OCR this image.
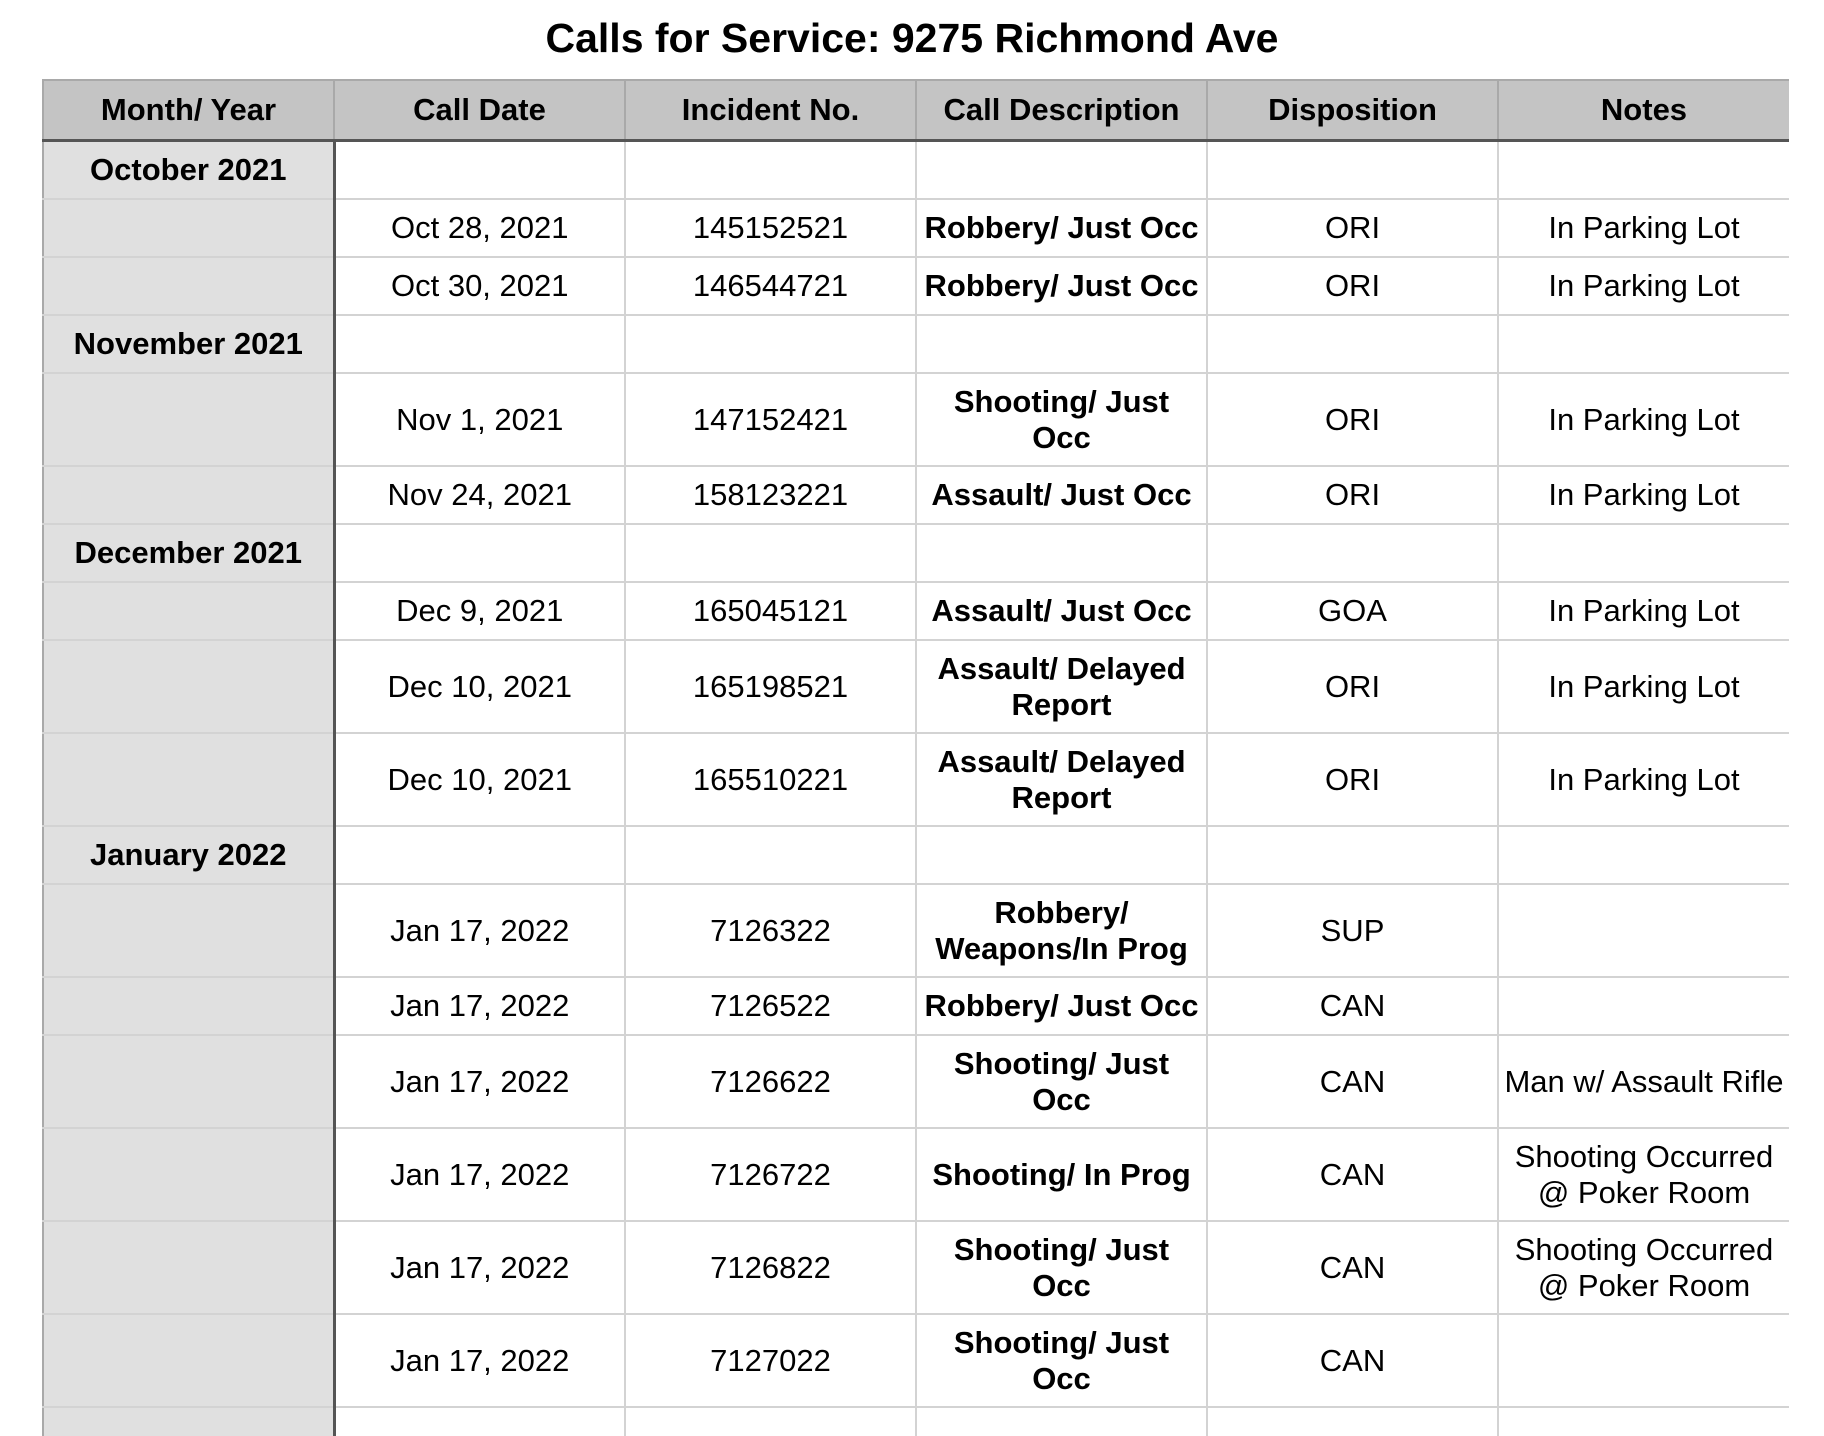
Calls for Service: 9275 Richmond Ave
Month/ Year	Call Date	Incident No.	Call Description	Disposition	Notes
October 2021					
	Oct 28, 2021	145152521	Robbery/ Just Occ	ORI	In Parking Lot
	Oct 30, 2021	146544721	Robbery/ Just Occ	ORI	In Parking Lot
November 2021					
	Nov 1, 2021	147152421	Shooting/ Just Occ	ORI	In Parking Lot
	Nov 24, 2021	158123221	Assault/ Just Occ	ORI	In Parking Lot
December 2021					
	Dec 9, 2021	165045121	Assault/ Just Occ	GOA	In Parking Lot
	Dec 10, 2021	165198521	Assault/ Delayed Report	ORI	In Parking Lot
	Dec 10, 2021	165510221	Assault/ Delayed Report	ORI	In Parking Lot
January 2022					
	Jan 17, 2022	7126322	Robbery/ Weapons/In Prog	SUP	
	Jan 17, 2022	7126522	Robbery/ Just Occ	CAN	
	Jan 17, 2022	7126622	Shooting/ Just Occ	CAN	Man w/ Assault Rifle
	Jan 17, 2022	7126722	Shooting/ In Prog	CAN	Shooting Occurred @ Poker Room
	Jan 17, 2022	7126822	Shooting/ Just Occ	CAN	Shooting Occurred @ Poker Room
	Jan 17, 2022	7127022	Shooting/ Just Occ	CAN	
